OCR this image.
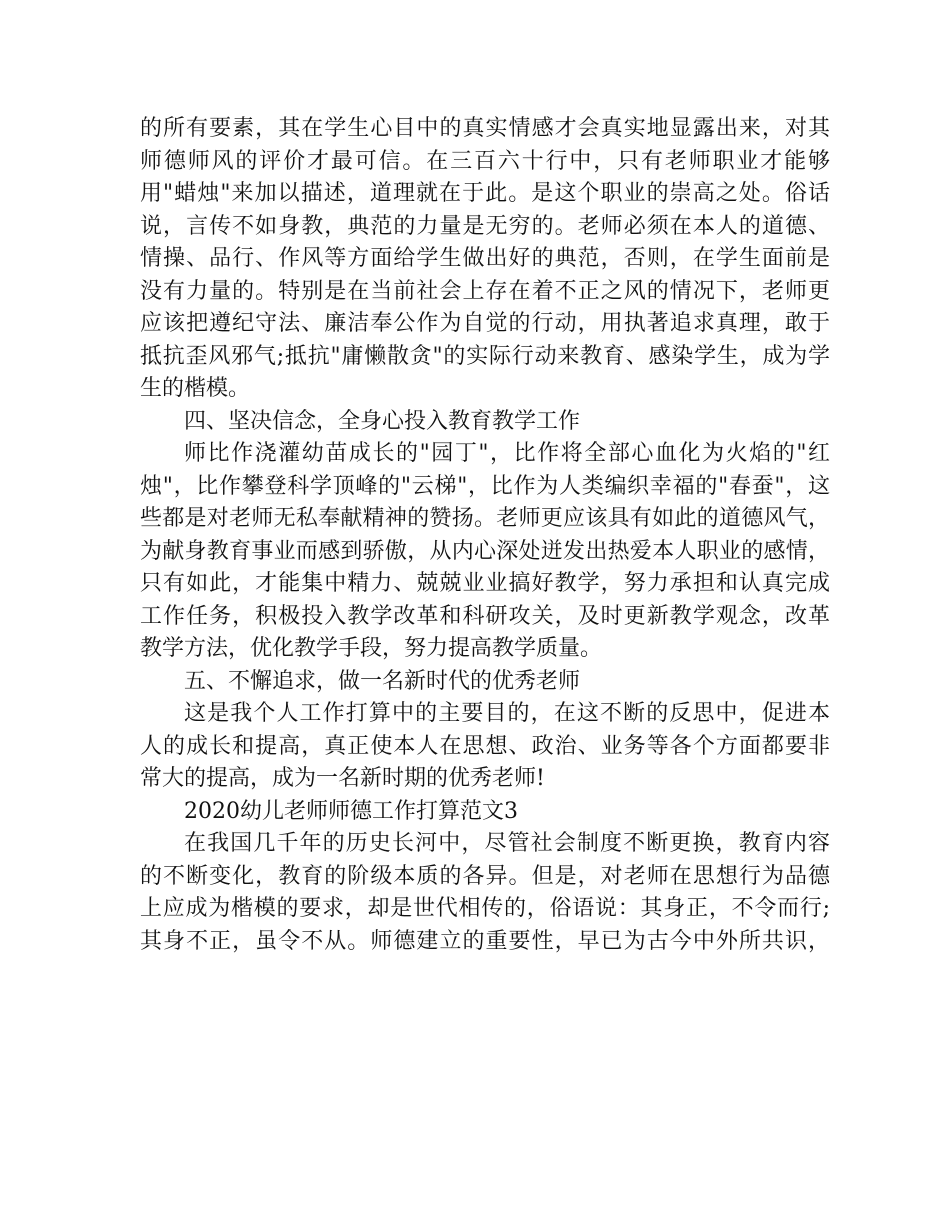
的所有要素，其在学生心目中的真实情感才会真实地显露出来，对其
师德师风的评价才最可信。在三百六十行中，只有老师职业才能够
用"蜡烛"来加以描述，道理就在于此。是这个职业的崇高之处。俗话
说，言传不如身教，典范的力量是无穷的。老师必须在本人的道德、
情操、品行、作风等方面给学生做出好的典范，否则，在学生面前是
没有力量的。特别是在当前社会上存在着不正之风的情况下，老师更
应该把遵纪守法、廉洁奉公作为自觉的行动，用执著追求真理，敢于
抵抗歪风邪气;抵抗"庸懒散贪"的实际行动来教育、感染学生，成为学
生的楷模。
四、坚决信念，全身心投入教育教学工作
师比作浇灌幼苗成长的"园丁"，比作将全部心血化为火焰的"红
烛"，比作攀登科学顶峰的"云梯"，比作为人类编织幸福的"春蚕"，这
些都是对老师无私奉献精神的赞扬。老师更应该具有如此的道德风气，
为献身教育事业而感到骄傲，从内心深处迸发出热爱本人职业的感情，
只有如此，才能集中精力、兢兢业业搞好教学，努力承担和认真完成
工作任务，积极投入教学改革和科研攻关，及时更新教学观念，改革
教学方法，优化教学手段，努力提高教学质量。
五、不懈追求，做一名新时代的优秀老师
这是我个人工作打算中的主要目的，在这不断的反思中，促进本
人的成长和提高，真正使本人在思想、政治、业务等各个方面都要非
常大的提高，成为一名新时期的优秀老师!
2020幼儿老师师德工作打算范文3
在我国几千年的历史长河中，尽管社会制度不断更换，教育内容
的不断变化，教育的阶级本质的各异。但是，对老师在思想行为品德
上应成为楷模的要求，却是世代相传的，俗语说：其身正，不令而行;
其身不正，虽令不从。师德建立的重要性，早已为古今中外所共识，
